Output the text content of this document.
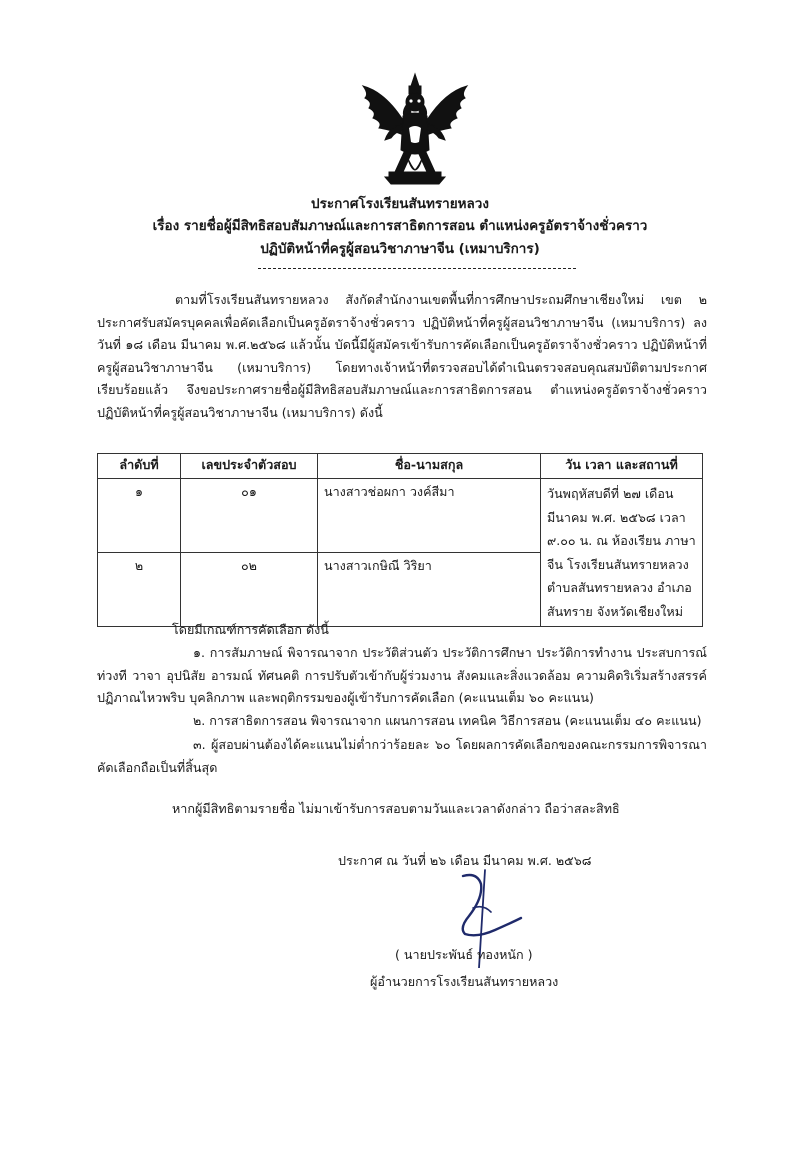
ประกาศโรงเรียนสันทรายหลวง
เรื่อง รายชื่อผู้มีสิทธิสอบสัมภาษณ์และการสาธิตการสอน ตำแหน่งครูอัตราจ้างชั่วคราว
ปฏิบัติหน้าที่ครูผู้สอนวิชาภาษาจีน (เหมาบริการ)
ตามที่โรงเรียนสันทรายหลวง สังกัดสำนักงานเขตพื้นที่การศึกษาประถมศึกษาเชียงใหม่ เขต ๒ ประกาศรับสมัครบุคคลเพื่อคัดเลือกเป็นครูอัตราจ้างชั่วคราว ปฏิบัติหน้าที่ครูผู้สอนวิชาภาษาจีน (เหมาบริการ) ลงวันที่ ๑๘ เดือน มีนาคม พ.ศ.๒๕๖๘ แล้วนั้น บัดนี้มีผู้สมัครเข้ารับการคัดเลือกเป็นครูอัตราจ้างชั่วคราว ปฏิบัติหน้าที่ครูผู้สอนวิชาภาษาจีน (เหมาบริการ) โดยทางเจ้าหน้าที่ตรวจสอบได้ดำเนินตรวจสอบคุณสมบัติตามประกาศเรียบร้อยแล้ว จึงขอประกาศรายชื่อผู้มีสิทธิสอบสัมภาษณ์และการสาธิตการสอน ตำแหน่งครูอัตราจ้างชั่วคราว ปฏิบัติหน้าที่ครูผู้สอนวิชาภาษาจีน (เหมาบริการ) ดังนี้
ลำดับที่	เลขประจำตัวสอบ	ชื่อ-นามสกุล	วัน เวลา และสถานที่
๑	๐๑	นางสาวช่อผกา วงค์สีมา	วันพฤหัสบดีที่ ๒๗ เดือน มีนาคม พ.ศ. ๒๕๖๘ เวลา ๙.๐๐ น. ณ ห้องเรียน ภาษาจีน โรงเรียนสันทรายหลวง ตำบลสันทรายหลวง อำเภอสันทราย จังหวัดเชียงใหม่
๒	๐๒	นางสาวเกษิณี วิริยา	
โดยมีเกณฑ์การคัดเลือก ดังนี้
๑. การสัมภาษณ์ พิจารณาจาก ประวัติส่วนตัว ประวัติการศึกษา ประวัติการทำงาน ประสบการณ์ ท่วงที วาจา อุปนิสัย อารมณ์ ทัศนคติ การปรับตัวเข้ากับผู้ร่วมงาน สังคมและสิ่งแวดล้อม ความคิดริเริ่มสร้างสรรค์ ปฏิภาณไหวพริบ บุคลิกภาพ และพฤติกรรมของผู้เข้ารับการคัดเลือก (คะแนนเต็ม ๖๐ คะแนน)
๒. การสาธิตการสอน พิจารณาจาก แผนการสอน เทคนิค วิธีการสอน (คะแนนเต็ม ๔๐ คะแนน)
๓. ผู้สอบผ่านต้องได้คะแนนไม่ต่ำกว่าร้อยละ ๖๐ โดยผลการคัดเลือกของคณะกรรมการพิจารณาคัดเลือกถือเป็นที่สิ้นสุด
หากผู้มีสิทธิตามรายชื่อ ไม่มาเข้ารับการสอบตามวันและเวลาดังกล่าว ถือว่าสละสิทธิ
ประกาศ ณ วันที่ ๒๖ เดือน มีนาคม พ.ศ. ๒๕๖๘
( นายประพันธ์ ทองหนัก )
ผู้อำนวยการโรงเรียนสันทรายหลวง
